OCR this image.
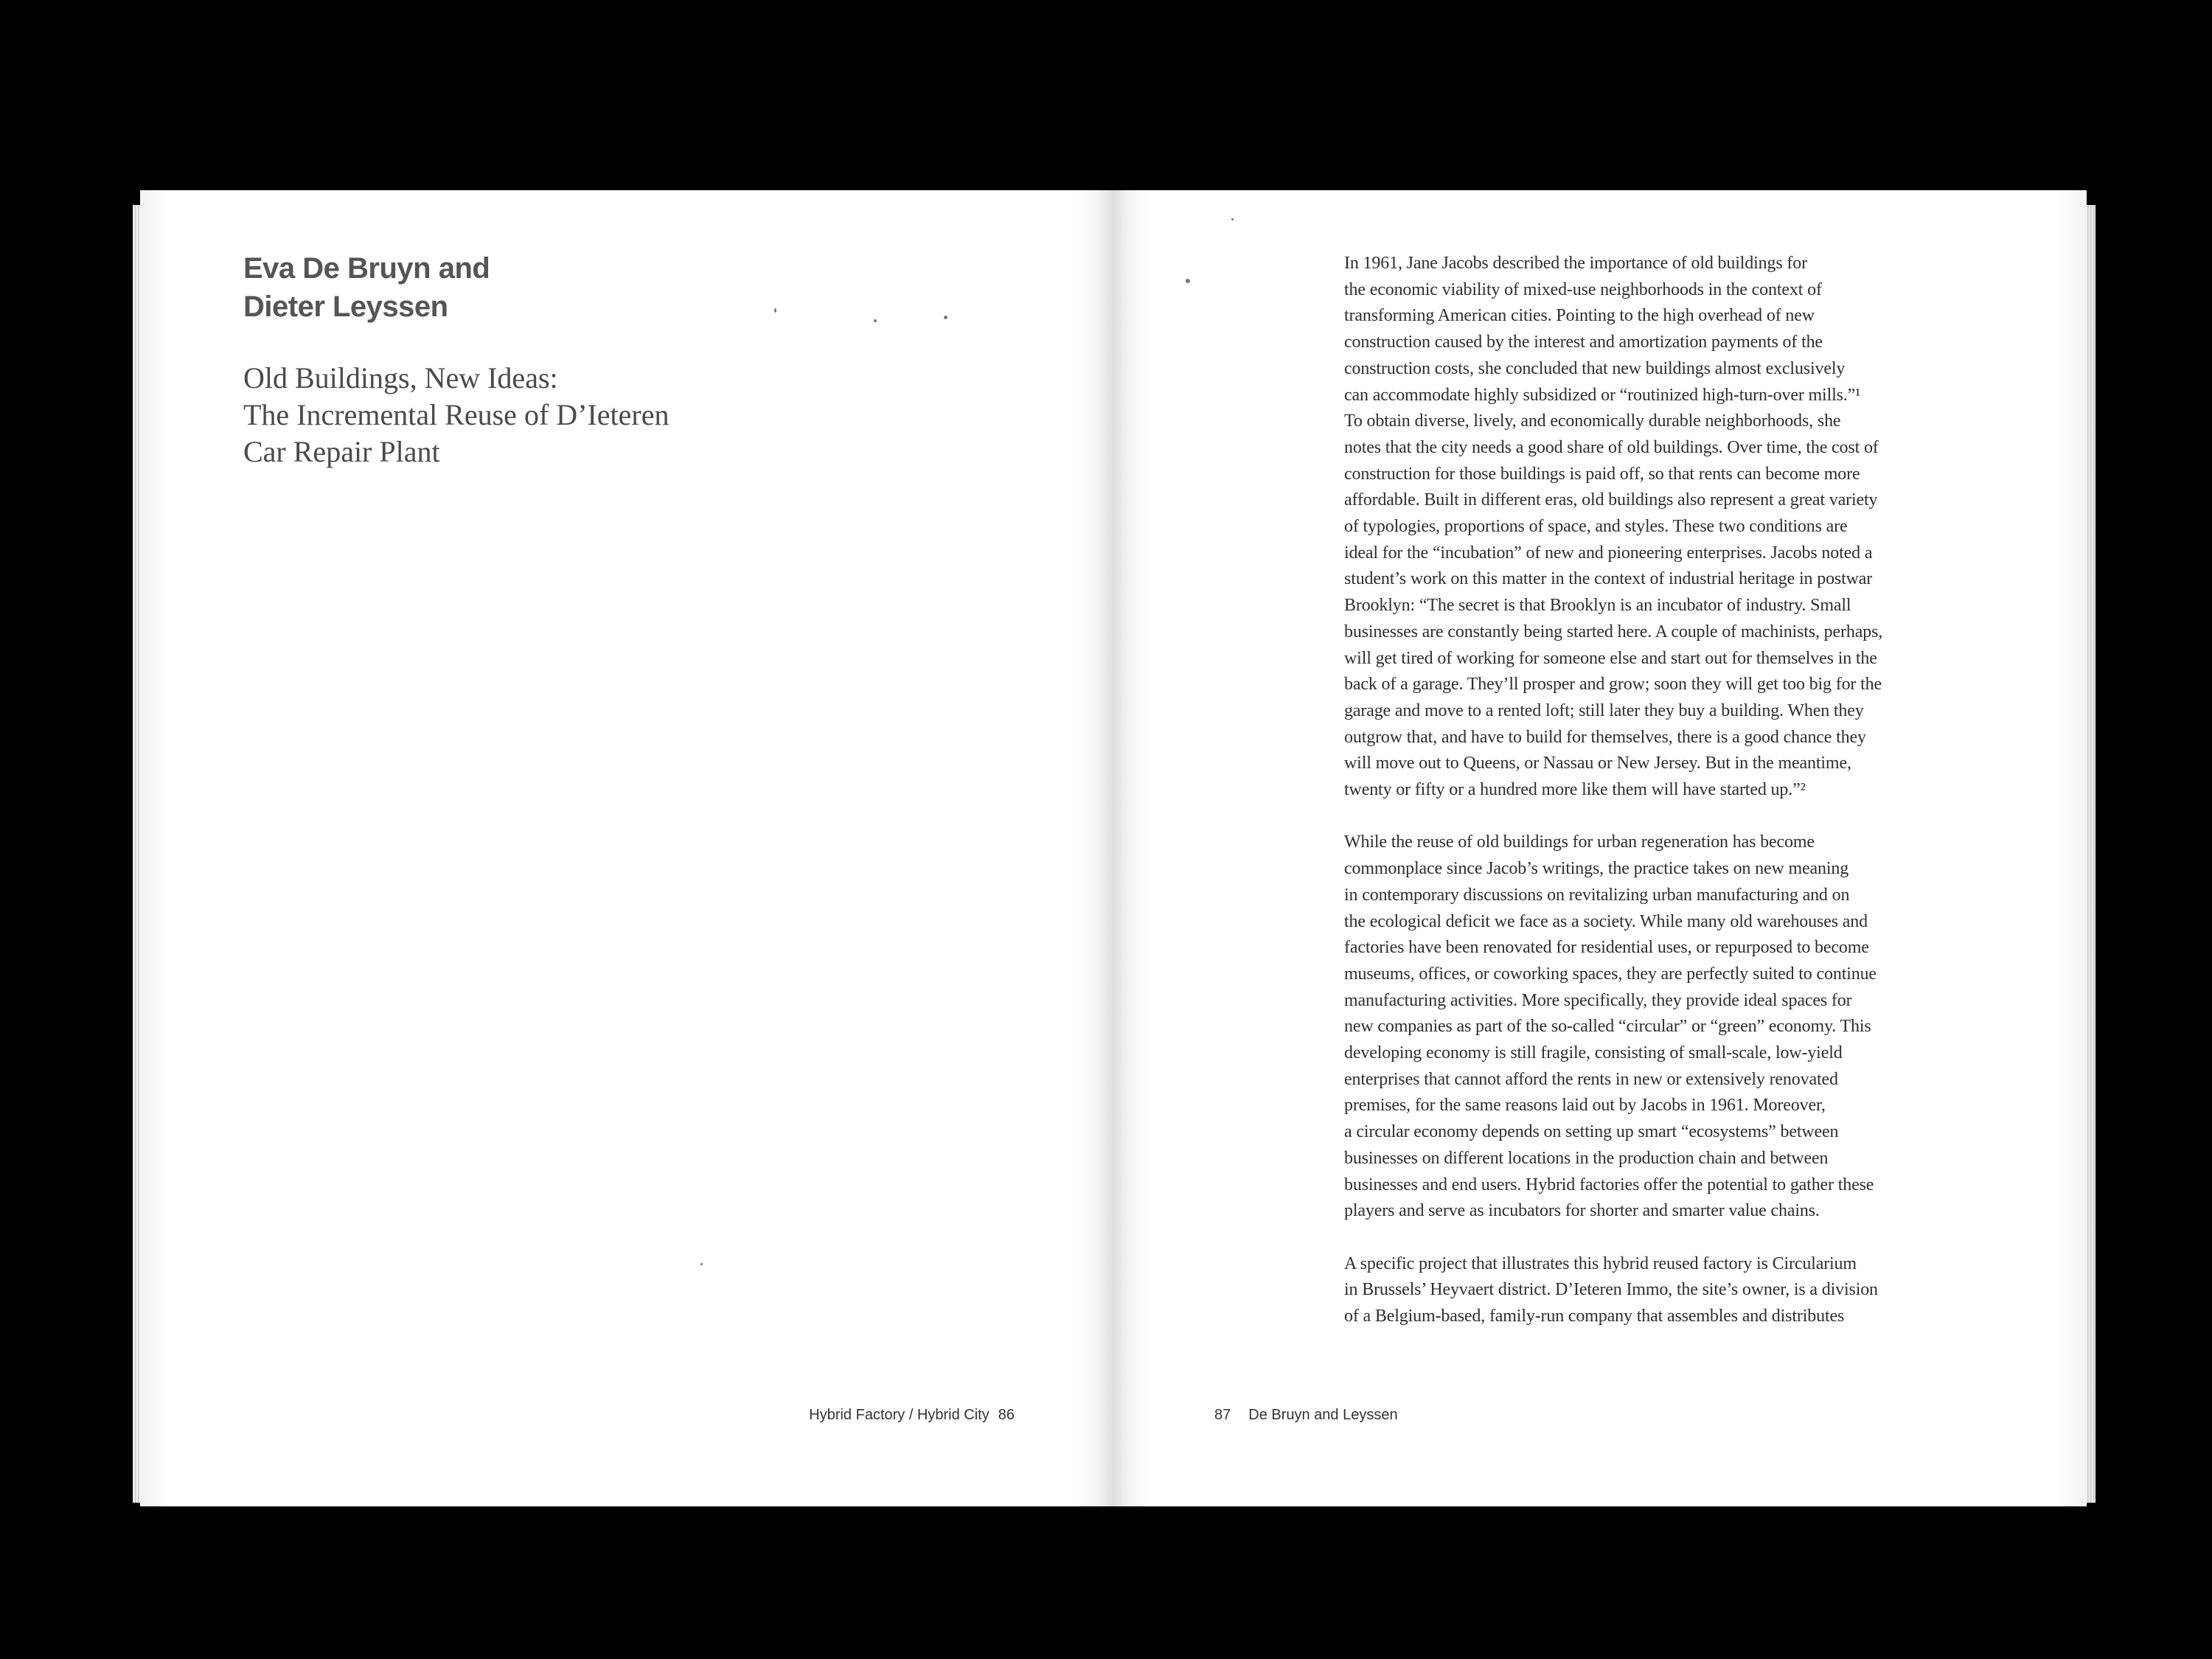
Eva De Bruyn and
Dieter Leyssen
Old Buildings, New Ideas:
The Incremental Reuse of D’Ieteren
Car Repair Plant
Hybrid Factory / Hybrid City 86	87 De Bruyn and Leyssen
In 1961, Jane Jacobs described the importance of old buildings for
the economic viability of mixed-use neighborhoods in the context of
transforming American cities. Pointing to the high overhead of new
construction caused by the interest and amortization payments of the
construction costs, she concluded that new buildings almost exclusively
can accommodate highly subsidized or “routinized high-turn-over mills.”¹
To obtain diverse, lively, and economically durable neighborhoods, she
notes that the city needs a good share of old buildings. Over time, the cost of
construction for those buildings is paid off, so that rents can become more
affordable. Built in different eras, old buildings also represent a great variety
of typologies, proportions of space, and styles. These two conditions are
ideal for the “incubation” of new and pioneering enterprises. Jacobs noted a
student’s work on this matter in the context of industrial heritage in postwar
Brooklyn: “The secret is that Brooklyn is an incubator of industry. Small
businesses are constantly being started here. A couple of machinists, perhaps,
will get tired of working for someone else and start out for themselves in the
back of a garage. They’ll prosper and grow; soon they will get too big for the
garage and move to a rented loft; still later they buy a building. When they
outgrow that, and have to build for themselves, there is a good chance they
will move out to Queens, or Nassau or New Jersey. But in the meantime,
twenty or fifty or a hundred more like them will have started up.”²
While the reuse of old buildings for urban regeneration has become
commonplace since Jacob’s writings, the practice takes on new meaning
in contemporary discussions on revitalizing urban manufacturing and on
the ecological deficit we face as a society. While many old warehouses and
factories have been renovated for residential uses, or repurposed to become
museums, offices, or coworking spaces, they are perfectly suited to continue
manufacturing activities. More specifically, they provide ideal spaces for
new companies as part of the so-called “circular” or “green” economy. This
developing economy is still fragile, consisting of small-scale, low-yield
enterprises that cannot afford the rents in new or extensively renovated
premises, for the same reasons laid out by Jacobs in 1961. Moreover,
a circular economy depends on setting up smart “ecosystems” between
businesses on different locations in the production chain and between
businesses and end users. Hybrid factories offer the potential to gather these
players and serve as incubators for shorter and smarter value chains.
A specific project that illustrates this hybrid reused factory is Circularium
in Brussels’ Heyvaert district. D’Ieteren Immo, the site’s owner, is a division
of a Belgium-based, family-run company that assembles and distributes
